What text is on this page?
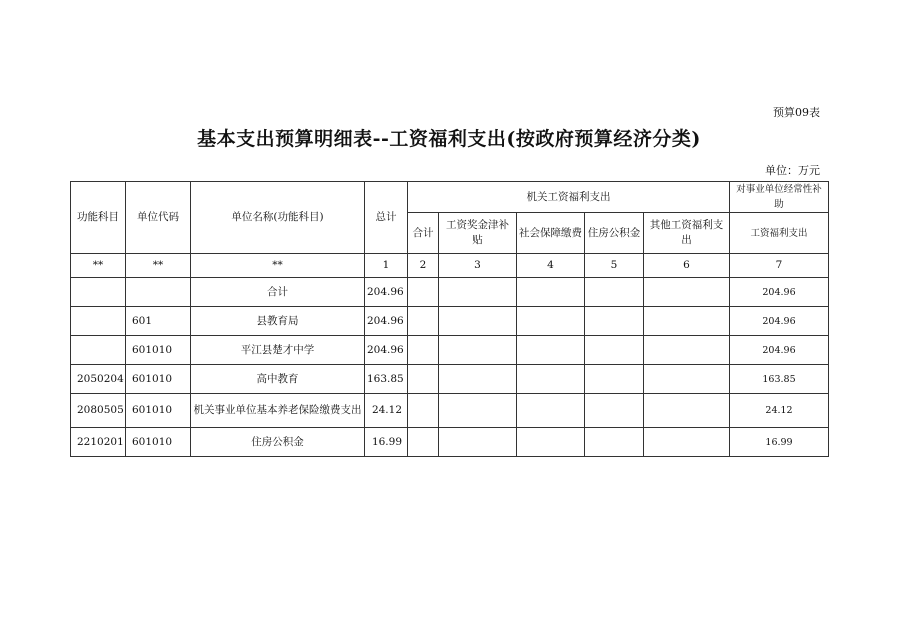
预算09表
基本支出预算明细表--工资福利支出(按政府预算经济分类)
单位：万元
功能科目	单位代码	单位名称(功能科目)	总计	机关工资福利支出					对事业单位经常性补助
				合计	工资奖金津补贴	社会保障缴费	住房公积金	其他工资福利支出	工资福利支出
**	**	**	1	2	3	4	5	6	7
		合计	204.96						204.96
	601	县教育局	204.96						204.96
	601010	平江县楚才中学	204.96						204.96
2050204	601010	高中教育	163.85						163.85
2080505	601010	机关事业单位基本养老保险缴费支出	24.12						24.12
2210201	601010	住房公积金	16.99						16.99
